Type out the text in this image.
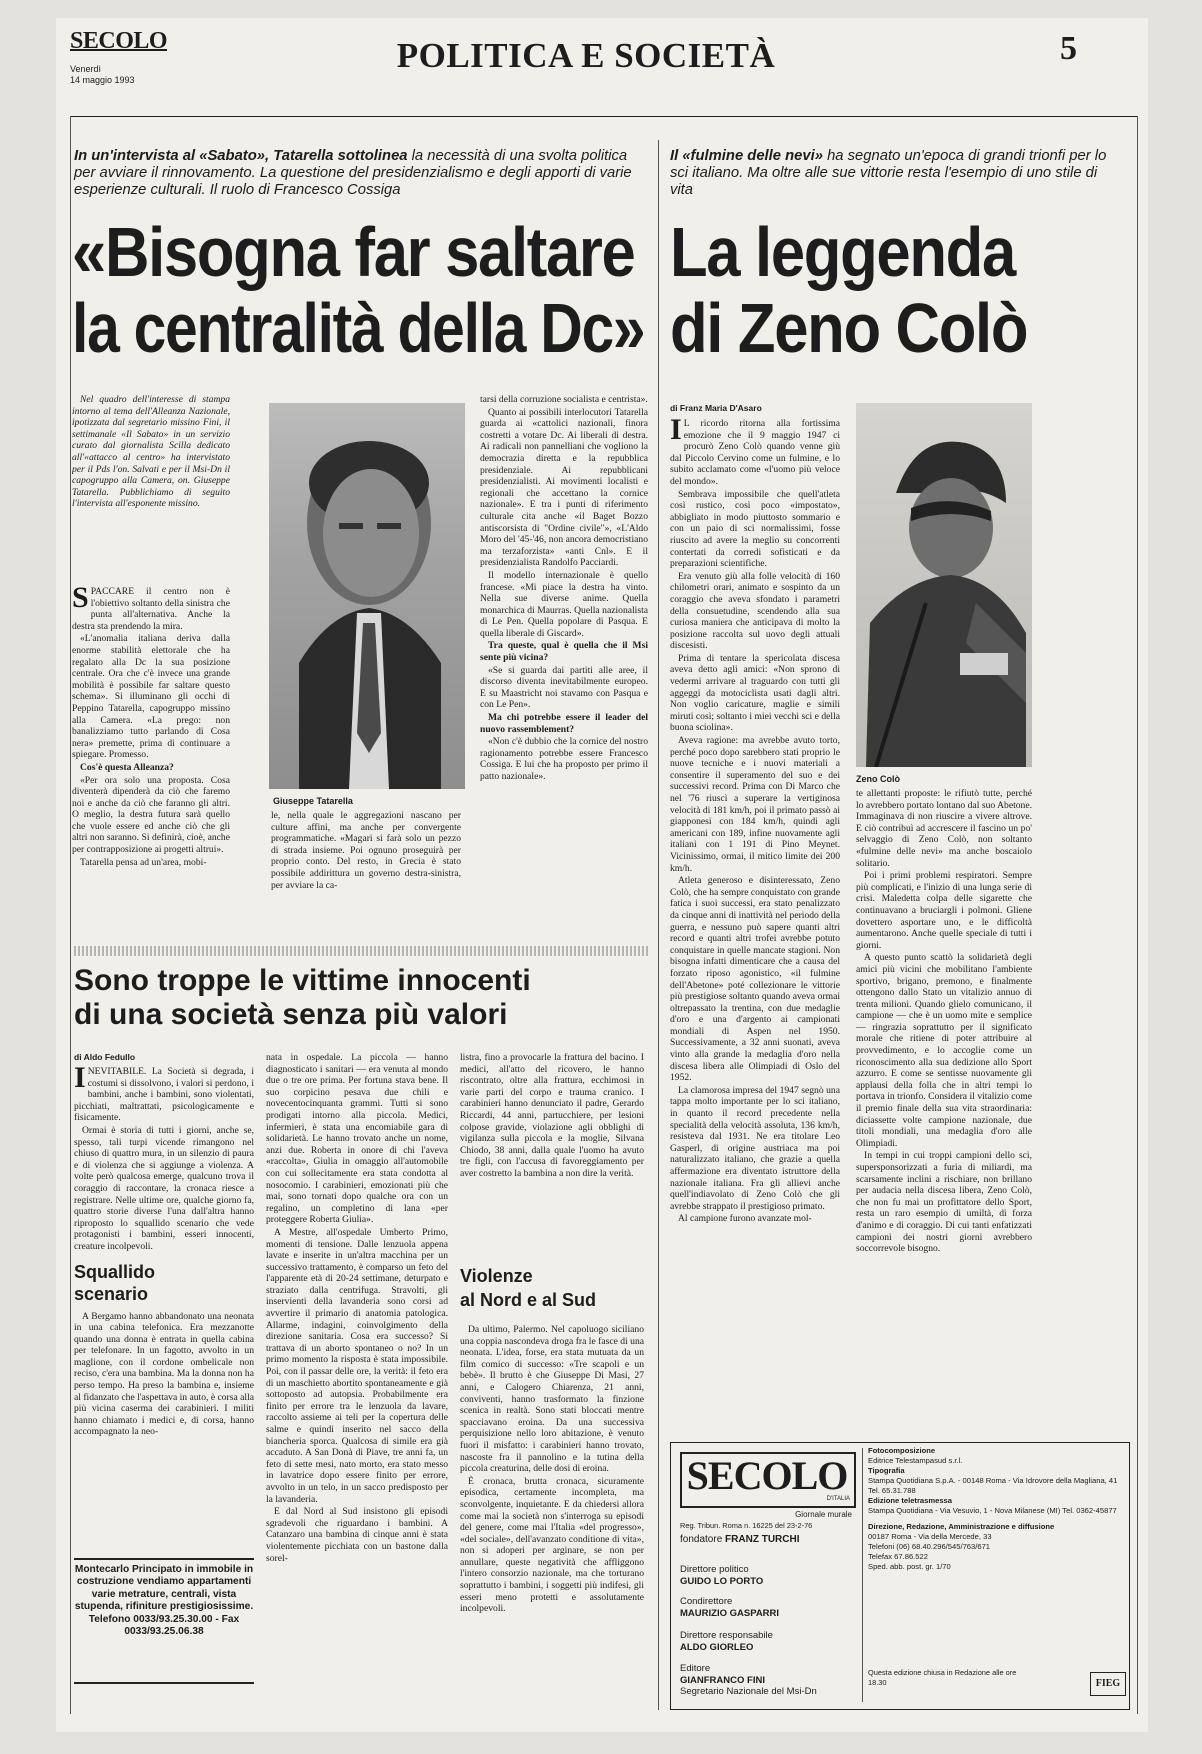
SECOLO
Venerdì
14 maggio 1993
POLITICA E SOCIETÀ	5
In un'intervista al «Sabato», Tatarella sottolinea la necessità di una svolta politica per avviare il rinnovamento. La questione del presidenzialismo e degli apporti di varie esperienze culturali. Il ruolo di Francesco Cossiga
«Bisogna far saltare
la centralità della Dc»

Nel quadro dell'interesse di stampa intorno al tema dell'Alleanza Nazionale, ipotizzata dal segretario missino Fini, il settimanale «Il Sabato» in un servizio curato dal giornalista Scilla dedicato all'«attacco al centro» ha intervistato per il Pds l'on. Salvati e per il Msi-Dn il capogruppo alla Camera, on. Giuseppe Tatarella. Pubblichiamo di seguito l'intervista all'esponente missino.

SPACCARE il centro non è l'obiettivo soltanto della sinistra che punta all'alternativa. Anche la destra sta prendendo la mira.

«L'anomalia italiana deriva dalla enorme stabilità elettorale che ha regalato alla Dc la sua posizione centrale. Ora che c'è invece una grande mobilità è possibile far saltare questo schema». Si illuminano gli occhi di Peppino Tatarella, capogruppo missino alla Camera. «La prego: non banalizziamo tutto parlando di Cosa nera» premette, prima di continuare a spiegare. Promesso.

Cos'è questa Alleanza?

«Per ora solo una proposta. Cosa diventerà dipenderà da ciò che faremo noi e anche da ciò che faranno gli altri. O meglio, la destra futura sarà quello che vuole essere ed anche ciò che gli altri non saranno. Si definirà, cioè, anche per contrapposizione ai progetti altrui».

Tatarella pensa ad un'area, mobi-

Giuseppe Tatarella

le, nella quale le aggregazioni nascano per culture affini, ma anche per convergente programmatiche. «Magari si farà solo un pezzo di strada insieme. Poi ognuno proseguirà per proprio conto. Del resto, in Grecia è stato possibile addirittura un governo destra-sinistra, per avviare la ca-

tarsi della corruzione socialista e centrista».

Quanto ai possibili interlocutori Tatarella guarda ai «cattolici nazionali, finora costretti a votare Dc. Ai liberali di destra. Ai radicali non pannelliani che vogliono la democrazia diretta e la repubblica presidenziale. Ai repubblicani presidenzialisti. Ai movimenti localisti e regionali che accettano la cornice nazionale». E tra i punti di riferimento culturale cita anche «il Baget Bozzo antiscorsista di "Ordine civile"», «L'Aldo Moro del '45-'46, non ancora democristiano ma terzaforzista» «anti Cnl». E il presidenzialista Randolfo Pacciardi.

Il modello internazionale è quello francese. «Mi piace la destra ha vinto. Nella sue diverse anime. Quella monarchica di Maurras. Quella nazionalista di Le Pen. Quella popolare di Pasqua. E quella liberale di Giscard».

Tra queste, qual è quella che il Msi sente più vicina?

«Se si guarda dai partiti alle aree, il discorso diventa inevitabilmente europeo. E su Maastricht noi stavamo con Pasqua e con Le Pen».

Ma chi potrebbe essere il leader del nuovo rassemblement?

«Non c'è dubbio che la cornice del nostro ragionamento potrebbe essere Francesco Cossiga. E lui che ha proposto per primo il patto nazionale».

Il «fulmine delle nevi» ha segnato un'epoca di grandi trionfi per lo sci italiano. Ma oltre alle sue vittorie resta l'esempio di uno stile di vita
La leggenda
di Zeno Colò
di Franz Maria D'Asaro

I L ricordo ritorna alla fortissima emozione che il 9 maggio 1947 ci procurò Zeno Colò quando venne giù dal Piccolo Cervino come un fulmine, e lo subito acclamato come «l'uomo più veloce del mondo».

Sembrava impossibile che quell'atleta così rustico, così poco «impostato», abbigliato in modo piuttosto sommario e con un paio di sci normalissimi, fosse riuscito ad avere la meglio su concorrenti contertati da corredi sofisticati e da preparazioni scientifiche.

Era venuto giù alla folle velocità di 160 chilometri orari, animato e sospinto da un coraggio che aveva sfondato i parametri della consuetudine, scendendo alla sua curiosa maniera che anticipava di molto la posizione raccolta sul uovo degli attuali discesisti.

Prima di tentare la spericolata discesa aveva detto agli amici: «Non sprono di vedermi arrivare al traguardo con tutti gli aggeggi da motociclista usati dagli altri. Non voglio caricature, maglie e simili miruti così; soltanto i miei vecchi sci e della buona sciolina».

Aveva ragione: ma avrebbe avuto torto, perché poco dopo sarebbero stati proprio le nuove tecniche e i nuovi materiali a consentire il superamento del suo e dei successivi record. Prima con Di Marco che nel '76 riuscì a superare la vertiginosa velocità di 181 km/h, poi il primato passò ai giapponesi con 184 km/h, quindi agli americani con 189, infine nuovamente agli italiani con 1 191 di Pino Meynet. Vicinissimo, ormai, il mitico limite dei 200 km/h.

Atleta generoso e disinteressato, Zeno Colò, che ha sempre conquistato con grande fatica i suoi successi, era stato penalizzato da cinque anni di inattività nel periodo della guerra, e nessuno può sapere quanti altri record e quanti altri trofei avrebbe potuto conquistare in quelle mancate stagioni. Non bisogna infatti dimenticare che a causa del forzato riposo agonistico, «il fulmine dell'Abetone» poté collezionare le vittorie più prestigiose soltanto quando aveva ormai oltrepassato la trentina, con due medaglie d'oro e una d'argento ai campionati mondiali di Aspen nel 1950. Successivamente, a 32 anni suonati, aveva vinto alla grande la medaglia d'oro nella discesa libera alle Olimpiadi di Oslo del 1952.

La clamorosa impresa del 1947 segnò una tappa molto importante per lo sci italiano, in quanto il record precedente nella specialità della velocità assoluta, 136 km/h, resisteva dal 1931. Ne era titolare Leo Gasperl, di origine austriaca ma poi naturalizzato italiano, che grazie a quella affermazione era diventato istruttore della nazionale italiana. Fra gli allievi anche quell'indiavolato di Zeno Colò che gli avrebbe strappato il prestigioso primato.

Al campione furono avanzate mol-

Zeno Colò

te allettanti proposte: le rifiutò tutte, perché lo avrebbero portato lontano dal suo Abetone. Immaginava di non riuscire a vivere altrove. E ciò contribuì ad accrescere il fascino un po' selvaggio di Zeno Colò, non soltanto «fulmine delle nevi» ma anche boscaiolo solitario.

Poi i primi problemi respiratori. Sempre più complicati, e l'inizio di una lunga serie di crisi. Maledetta colpa delle sigarette che continuavano a bruciargli i polmoni. Gliene dovettero asportare uno, e le difficoltà aumentarono. Anche quelle speciale di tutti i giorni.

A questo punto scattò la solidarietà degli amici più vicini che mobilitano l'ambiente sportivo, brigano, premono, e finalmente ottengono dallo Stato un vitalizio annuo di trenta milioni. Quando glielo comunicano, il campione — che è un uomo mite e semplice — ringrazia soprattutto per il significato morale che ritiene di poter attribuire al provvedimento, e lo accoglie come un riconoscimento alla sua dedizione allo Sport azzurro. E come se sentisse nuovamente gli applausi della folla che in altri tempi lo portava in trionfo. Considera il vitalizio come il premio finale della sua vita straordinaria: diciassette volte campione nazionale, due titoli mondiali, una medaglia d'oro alle Olimpiadi.

In tempi in cui troppi campioni dello sci, supersponsorizzati a furia di miliardi, ma scarsamente inclini a rischiare, non brillano per audacia nella discesa libera, Zeno Colò, che non fu mai un profittatore dello Sport, resta un raro esempio di umiltà, di forza d'animo e di coraggio. Di cui tanti enfatizzati campioni dei nostri giorni avrebbero soccorrevole bisogno.

Sono troppe le vittime innocenti
di una società senza più valori
di Aldo Fedullo

INEVITABILE. La Società si degrada, i costumi si dissolvono, i valori si perdono, i bambini, anche i bambini, sono violentati, picchiati, maltrattati, psicologicamente e fisicamente.

Ormai è storia di tutti i giorni, anche se, spesso, tali turpi vicende rimangono nel chiuso di quattro mura, in un silenzio di paura e di violenza che si aggiunge a violenza. A volte però qualcosa emerge, qualcuno trova il coraggio di raccontare, la cronaca riesce a registrare. Nelle ultime ore, qualche giorno fa, quattro storie diverse l'una dall'altra hanno riproposto lo squallido scenario che vede protagonisti i bambini, esseri innocenti, creature incolpevoli.

Squallido
scenario

A Bergamo hanno abbandonato una neonata in una cabina telefonica. Era mezzanotte quando una donna è entrata in quella cabina per telefonare. In un fagotto, avvolto in un maglione, con il cordone ombelicale non reciso, c'era una bambina. Ma la donna non ha perso tempo. Ha preso la bambina e, insieme al fidanzato che l'aspettava in auto, è corsa alla più vicina caserma dei carabinieri. I militi hanno chiamato i medici e, di corsa, hanno accompagnato la neo-

Montecarlo Principato in immobile in costruzione vendiamo appartamenti varie metrature, centrali, vista stupenda, rifiniture prestigiosissime. Telefono 0033/93.25.30.00 - Fax 0033/93.25.06.38

nata in ospedale. La piccola — hanno diagnosticato i sanitari — era venuta al mondo due o tre ore prima. Per fortuna stava bene. Il suo corpicino pesava due chili e novecentocinquanta grammi. Tutti si sono prodigati intorno alla piccola. Medici, infermieri, è stata una encomiabile gara di solidarietà. Le hanno trovato anche un nome, anzi due. Roberta in onore di chi l'aveva «raccolta», Giulia in omaggio all'automobile con cui sollecitamente era stata condotta al nosocomio. I carabinieri, emozionati più che mai, sono tornati dopo qualche ora con un regalino, un completino di lana «per proteggere Roberta Giulia».

A Mestre, all'ospedale Umberto Primo, momenti di tensione. Dalle lenzuola appena lavate e inserite in un'altra macchina per un successivo trattamento, è comparso un feto del l'apparente età di 20-24 settimane, deturpato e straziato dalla centrifuga. Stravolti, gli inservienti della lavanderia sono corsi ad avvertire il primario di anatomia patologica. Allarme, indagini, coinvolgimento della direzione sanitaria. Cosa era successo? Si trattava di un aborto spontaneo o no? In un primo momento la risposta è stata impossibile. Poi, con il passar delle ore, la verità: il feto era di un maschietto abortito spontaneamente e già sottoposto ad autopsia. Probabilmente era finito per errore tra le lenzuola da lavare, raccolto assieme ai teli per la copertura delle salme e quindi inserito nel sacco della biancheria sporca. Qualcosa di simile era già accaduto. A San Donà di Piave, tre anni fa, un feto di sette mesi, nato morto, era stato messo in lavatrice dopo essere finito per errore, avvolto in un telo, in un sacco predisposto per la lavanderia.

E dal Nord al Sud insistono gli episodi sgradevoli che riguardano i bambini. A Catanzaro una bambina di cinque anni è stata violentemente picchiata con un bastone dalla sorel-

listra, fino a provocarle la frattura del bacino. I medici, all'atto del ricovero, le hanno riscontrato, oltre alla frattura, ecchimosi in varie parti del corpo e trauma cranico. I carabinieri hanno denunciato il padre, Gerardo Riccardi, 44 anni, partucchiere, per lesioni colpose gravide, violazione agli obblighi di vigilanza sulla piccola e la moglie, Silvana Chiodo, 38 anni, dalla quale l'uomo ha avuto tre figli, con l'accusa di favoreggiamento per aver costretto la bambina a non dire la verità.

Violenze
al Nord e al Sud

Da ultimo, Palermo. Nel capoluogo siciliano una coppia nascondeva droga fra le fasce di una neonata. L'idea, forse, era stata mutuata da un film comico di successo: «Tre scapoli e un bebè». Il brutto è che Giuseppe Di Masi, 27 anni, e Calogero Chiarenza, 21 anni, conviventi, hanno trasformato la finzione scenica in realtà. Sono stati bloccati mentre spacciavano eroina. Da una successiva perquisizione nello loro abitazione, è venuto fuori il misfatto: i carabinieri hanno trovato, nascoste fra il pannolino e la tutina della piccola creaturina, delle dosi di eroina.

È cronaca, brutta cronaca, sicuramente episodica, certamente incompleta, ma sconvolgente, inquietante. E da chiedersi allora come mai la società non s'interroga su episodi del genere, come mai l'Italia «del progresso», «del sociale», dell'avanzato conditione di vita», non si adoperi per arginare, se non per annullare, queste negatività che affliggono l'intero consorzio nazionale, ma che torturano soprattutto i bambini, i soggetti più indifesi, gli esseri meno protetti e assolutamente incolpevoli.

SECOLO
D'ITALIA
Giornale murale
Reg. Tribun. Roma n. 16225 del 23-2-76
fondatore FRANZ TURCHI
Direttore politico
GUIDO LO PORTO
Condirettore
MAURIZIO GASPARRI
Direttore responsabile
ALDO GIORLEO
Editore
GIANFRANCO FINI
Segretario Nazionale del Msi-Dn
Fotocomposizione
Editrice Telestampasud s.r.l.
Tipografia
Stampa Quotidiana S.p.A. - 00148 Roma - Via Idrovore della Magliana, 41
Tel. 65.31.788
Edizione teletrasmessa
Stampa Quotidiana - Via Vesuvio, 1 - Nova Milanese (MI) Tel. 0362-45877
Direzione, Redazione, Amministrazione e diffusione
00187 Roma - Via della Mercede, 33
Telefoni (06) 68.40.296/545/763/671
Telefax 67.86.522
Sped. abb. post. gr. 1/70
Questa edizione chiusa in Redazione alle ore 18.30	FIEG
